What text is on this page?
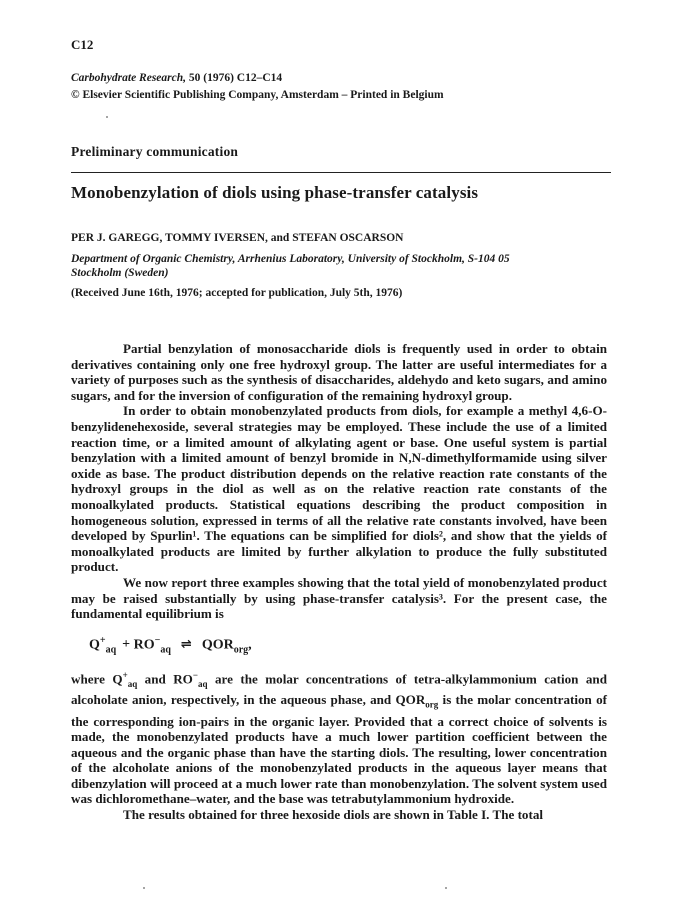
C12
Carbohydrate Research, 50 (1976) C12–C14
© Elsevier Scientific Publishing Company, Amsterdam – Printed in Belgium
Preliminary communication
Monobenzylation of diols using phase-transfer catalysis
PER J. GAREGG, TOMMY IVERSEN, and STEFAN OSCARSON
Department of Organic Chemistry, Arrhenius Laboratory, University of Stockholm, S-104 05 Stockholm (Sweden)
(Received June 16th, 1976; accepted for publication, July 5th, 1976)

Partial benzylation of monosaccharide diols is frequently used in order to obtain derivatives containing only one free hydroxyl group. The latter are useful intermediates for a variety of purposes such as the synthesis of disaccharides, aldehydo and keto sugars, and amino sugars, and for the inversion of configuration of the remaining hydroxyl group.

In order to obtain monobenzylated products from diols, for example a methyl 4,6-O-benzylidenehexoside, several strategies may be employed. These include the use of a limited reaction time, or a limited amount of alkylating agent or base. One useful system is partial benzylation with a limited amount of benzyl bromide in N,N-dimethylformamide using silver oxide as base. The product distribution depends on the relative reaction rate constants of the hydroxyl groups in the diol as well as on the relative reaction rate constants of the monoalkylated products. Statistical equations describing the product composition in homogeneous solution, expressed in terms of all the relative rate constants involved, have been developed by Spurlin¹. The equations can be simplified for diols², and show that the yields of monoalkylated products are limited by further alkylation to produce the fully substituted product.

We now report three examples showing that the total yield of monobenzylated product may be raised substantially by using phase-transfer catalysis³. For the present case, the fundamental equilibrium is

$Q^+_{aq} + RO^-_{aq}$ ⇌ $QOR_{org}$,

where $Q^+_{aq}$ and $RO^-_{aq}$ are the molar concentrations of tetra-alkylammonium cation and alcoholate anion, respectively, in the aqueous phase, and $QOR_{org}$ is the molar concentration of the corresponding ion-pairs in the organic layer. Provided that a correct choice of solvents is made, the monobenzylated products have a much lower partition coefficient between the aqueous and the organic phase than have the starting diols. The resulting, lower concentration of the alcoholate anions of the monobenzylated products in the aqueous layer means that dibenzylation will proceed at a much lower rate than monobenzylation. The solvent system used was dichloromethane–water, and the base was tetrabutylammonium hydroxide.

The results obtained for three hexoside diols are shown in Table I. The total
